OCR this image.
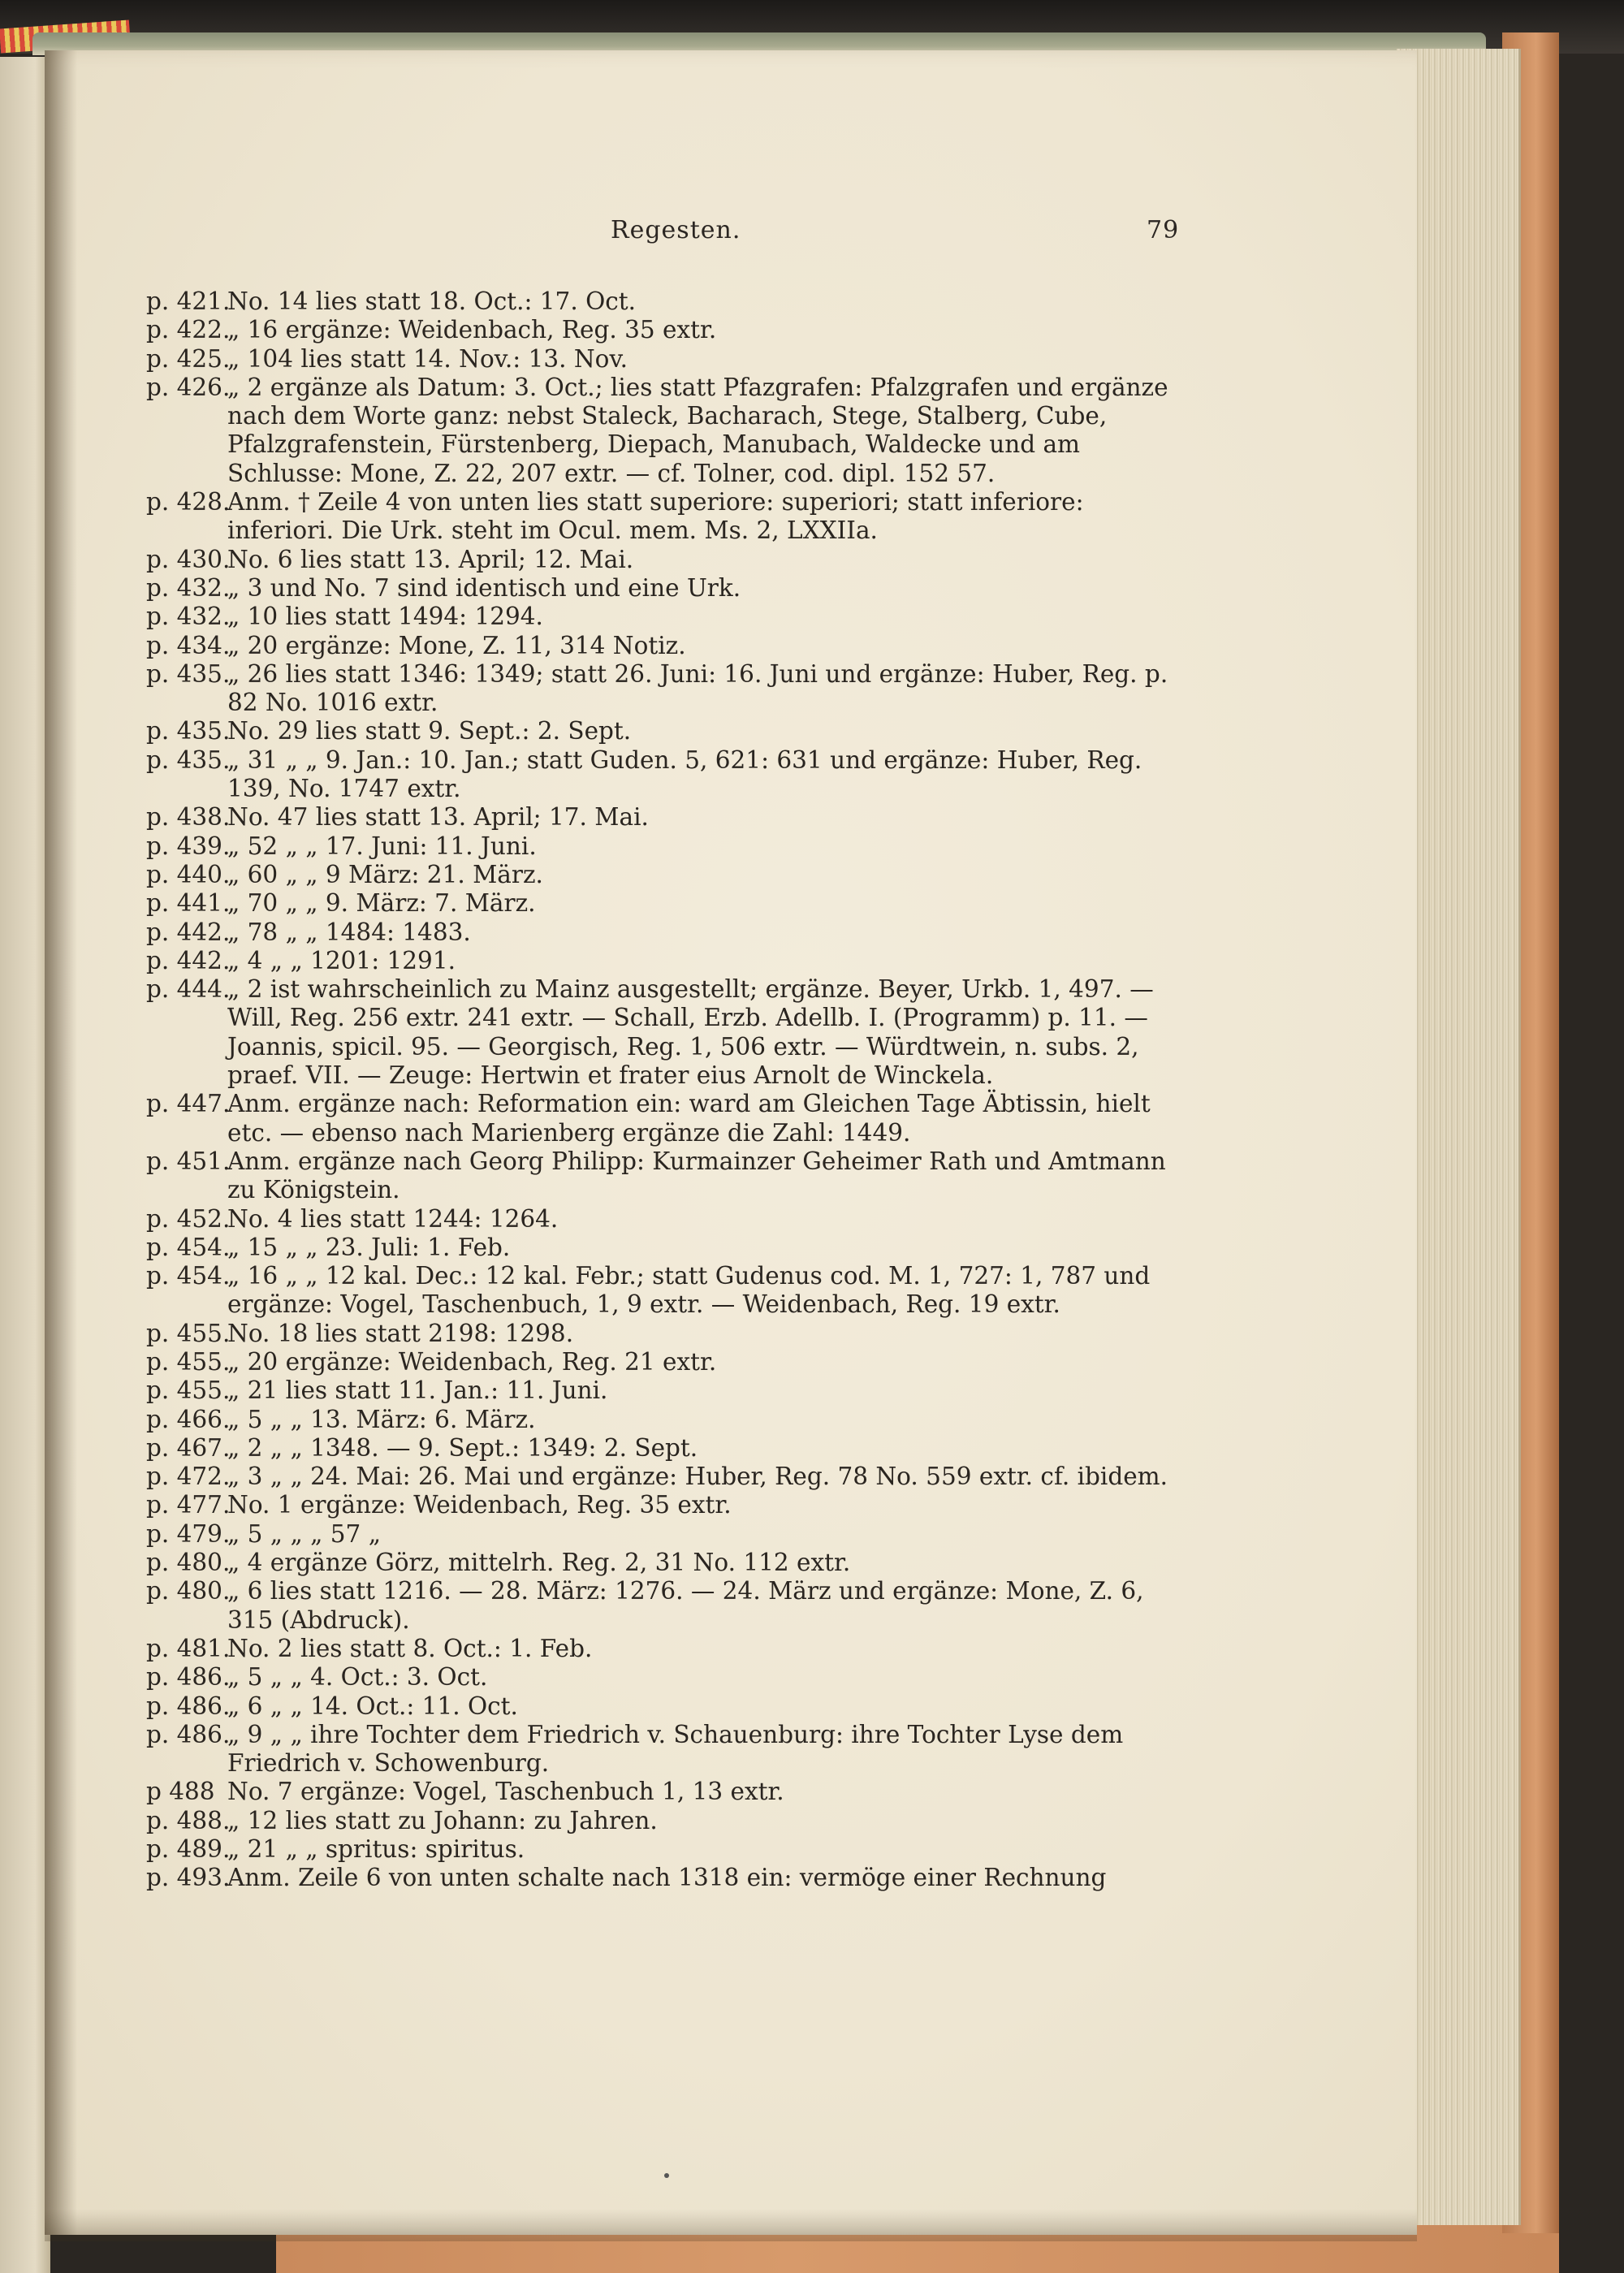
Regesten.	79
p. 421.
No. 14 lies statt 18. Oct.: 17. Oct.
p. 422.
„ 16 ergänze: Weidenbach, Reg. 35 extr.
p. 425.
„ 104 lies statt 14. Nov.: 13. Nov.
p. 426.
„ 2 ergänze als Datum: 3. Oct.; lies statt Pfazgrafen: Pfalzgrafen und ergänze nach dem Worte ganz: nebst Staleck, Bacharach, Stege, Stalberg, Cube, Pfalzgrafenstein, Fürstenberg, Diepach, Manubach, Waldecke und am Schlusse: Mone, Z. 22, 207 extr. — cf. Tolner, cod. dipl. 152 57.
p. 428.
Anm. † Zeile 4 von unten lies statt superiore: superiori; statt inferiore: inferiori. Die Urk. steht im Ocul. mem. Ms. 2, LXXIIa.
p. 430.
No. 6 lies statt 13. April; 12. Mai.
p. 432.
„ 3 und No. 7 sind identisch und eine Urk.
p. 432.
„ 10 lies statt 1494: 1294.
p. 434.
„ 20 ergänze: Mone, Z. 11, 314 Notiz.
p. 435.
„ 26 lies statt 1346: 1349; statt 26. Juni: 16. Juni und ergänze: Huber, Reg. p. 82 No. 1016 extr.
p. 435.
No. 29 lies statt 9. Sept.: 2. Sept.
p. 435.
„ 31 „ „ 9. Jan.: 10. Jan.; statt Guden. 5, 621: 631 und ergänze: Huber, Reg. 139, No. 1747 extr.
p. 438.
No. 47 lies statt 13. April; 17. Mai.
p. 439.
„ 52 „ „ 17. Juni: 11. Juni.
p. 440.
„ 60 „ „ 9 März: 21. März.
p. 441.
„ 70 „ „ 9. März: 7. März.
p. 442.
„ 78 „ „ 1484: 1483.
p. 442.
„ 4 „ „ 1201: 1291.
p. 444.
„ 2 ist wahrscheinlich zu Mainz ausgestellt; ergänze. Beyer, Urkb. 1, 497. — Will, Reg. 256 extr. 241 extr. — Schall, Erzb. Adellb. I. (Programm) p. 11. — Joannis, spicil. 95. — Georgisch, Reg. 1, 506 extr. — Würdtwein, n. subs. 2, praef. VII. — Zeuge: Hertwin et frater eius Arnolt de Winckela.
p. 447.
Anm. ergänze nach: Reformation ein: ward am Gleichen Tage Äbtissin, hielt etc. — ebenso nach Marienberg ergänze die Zahl: 1449.
p. 451.
Anm. ergänze nach Georg Philipp: Kurmainzer Geheimer Rath und Amtmann zu Königstein.
p. 452.
No. 4 lies statt 1244: 1264.
p. 454.
„ 15 „ „ 23. Juli: 1. Feb.
p. 454.
„ 16 „ „ 12 kal. Dec.: 12 kal. Febr.; statt Gudenus cod. M. 1, 727: 1, 787 und ergänze: Vogel, Taschenbuch, 1, 9 extr. — Weidenbach, Reg. 19 extr.
p. 455.
No. 18 lies statt 2198: 1298.
p. 455.
„ 20 ergänze: Weidenbach, Reg. 21 extr.
p. 455.
„ 21 lies statt 11. Jan.: 11. Juni.
p. 466.
„ 5 „ „ 13. März: 6. März.
p. 467.
„ 2 „ „ 1348. — 9. Sept.: 1349: 2. Sept.
p. 472.
„ 3 „ „ 24. Mai: 26. Mai und ergänze: Huber, Reg. 78 No. 559 extr. cf. ibidem.
p. 477.
No. 1 ergänze: Weidenbach, Reg. 35 extr.
p. 479.
„ 5 „ „ „ 57 „
p. 480.
„ 4 ergänze Görz, mittelrh. Reg. 2, 31 No. 112 extr.
p. 480.
„ 6 lies statt 1216. — 28. März: 1276. — 24. März und ergänze: Mone, Z. 6, 315 (Abdruck).
p. 481.
No. 2 lies statt 8. Oct.: 1. Feb.
p. 486.
„ 5 „ „ 4. Oct.: 3. Oct.
p. 486.
„ 6 „ „ 14. Oct.: 11. Oct.
p. 486.
„ 9 „ „ ihre Tochter dem Friedrich v. Schauenburg: ihre Tochter Lyse dem Friedrich v. Schowenburg.
p 488 No. 7 ergänze: Vogel, Taschenbuch 1, 13 extr.
p. 488.
„ 12 lies statt zu Johann: zu Jahren.
p. 489.
„ 21 „ „ spritus: spiritus.
p. 493.
Anm. Zeile 6 von unten schalte nach 1318 ein: vermöge einer Rechnung
